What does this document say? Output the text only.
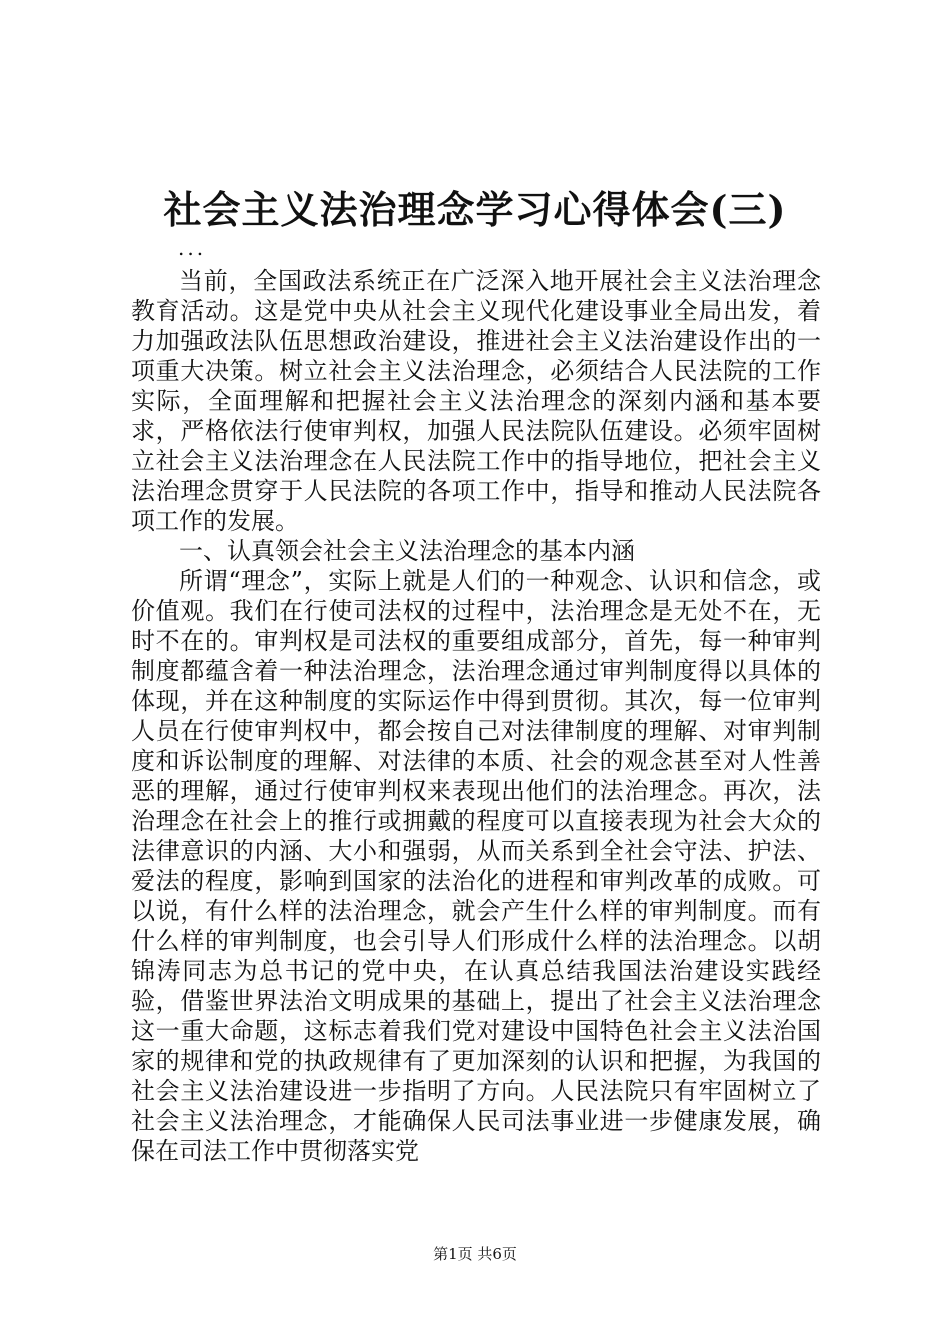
社会主义法治理念学习心得体会(三)
...

当前，全国政法系统正在广泛深入地开展社会主义法治理念教育活动。这是党中央从社会主义现代化建设事业全局出发，着力加强政法队伍思想政治建设，推进社会主义法治建设作出的一项重大决策。树立社会主义法治理念，必须结合人民法院的工作实际，全面理解和把握社会主义法治理念的深刻内涵和基本要求，严格依法行使审判权，加强人民法院队伍建设。必须牢固树立社会主义法治理念在人民法院工作中的指导地位，把社会主义法治理念贯穿于人民法院的各项工作中，指导和推动人民法院各项工作的发展。

一、认真领会社会主义法治理念的基本内涵

所谓“理念”，实际上就是人们的一种观念、认识和信念，或价值观。我们在行使司法权的过程中，法治理念是无处不在，无时不在的。审判权是司法权的重要组成部分，首先，每一种审判制度都蕴含着一种法治理念，法治理念通过审判制度得以具体的体现，并在这种制度的实际运作中得到贯彻。其次，每一位审判人员在行使审判权中，都会按自己对法律制度的理解、对审判制度和诉讼制度的理解、对法律的本质、社会的观念甚至对人性善恶的理解，通过行使审判权来表现出他们的法治理念。再次，法治理念在社会上的推行或拥戴的程度可以直接表现为社会大众的法律意识的内涵、大小和强弱，从而关系到全社会守法、护法、爱法的程度，影响到国家的法治化的进程和审判改革的成败。可以说，有什么样的法治理念，就会产生什么样的审判制度。而有什么样的审判制度，也会引导人们形成什么样的法治理念。以胡锦涛同志为总书记的党中央，在认真总结我国法治建设实践经验，借鉴世界法治文明成果的基础上，提出了社会主义法治理念这一重大命题，这标志着我们党对建设中国特色社会主义法治国家的规律和党的执政规律有了更加深刻的认识和把握，为我国的社会主义法治建设进一步指明了方向。人民法院只有牢固树立了社会主义法治理念，才能确保人民司法事业进一步健康发展，确保在司法工作中贯彻落实党

第1页 共6页
